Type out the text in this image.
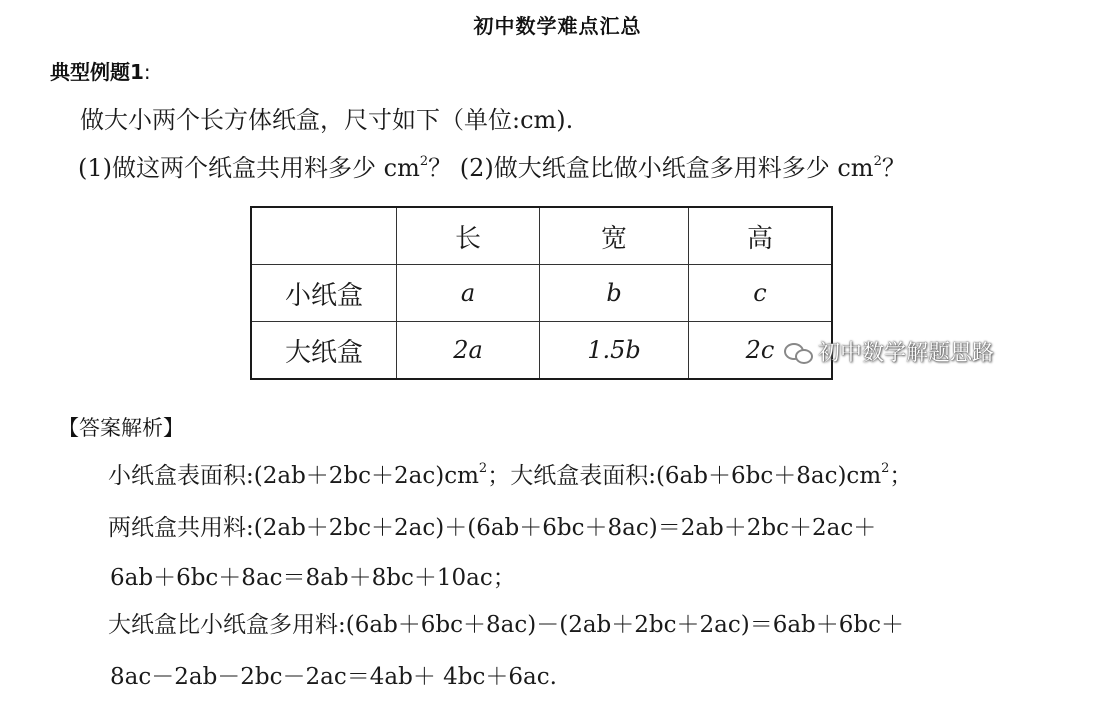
初中数学难点汇总
典型例题1:
做大小两个长方体纸盒，尺寸如下（单位:cm).
(1)做这两个纸盒共用料多少 $cm^2$？ (2)做大纸盒比做小纸盒多用料多少 $cm^2$？
	长	宽	高
小纸盒	a	b	c
大纸盒	2a	1.5b	2c 初中数学解题思路
【答案解析】
小纸盒表面积$:(2ab+2bc+2ac)cm^2$；大纸盒表面积$:(6ab+6bc+8ac)cm^2$；
两纸盒共用料:(2ab＋2bc＋2ac)＋(6ab＋6bc＋8ac)＝2ab＋2bc＋2ac＋
6ab＋6bc＋8ac＝8ab＋8bc＋10ac；
大纸盒比小纸盒多用料:(6ab＋6bc＋8ac)－(2ab＋2bc＋2ac)＝6ab＋6bc＋
8ac－2ab－2bc－2ac＝4ab＋ 4bc＋6ac.
